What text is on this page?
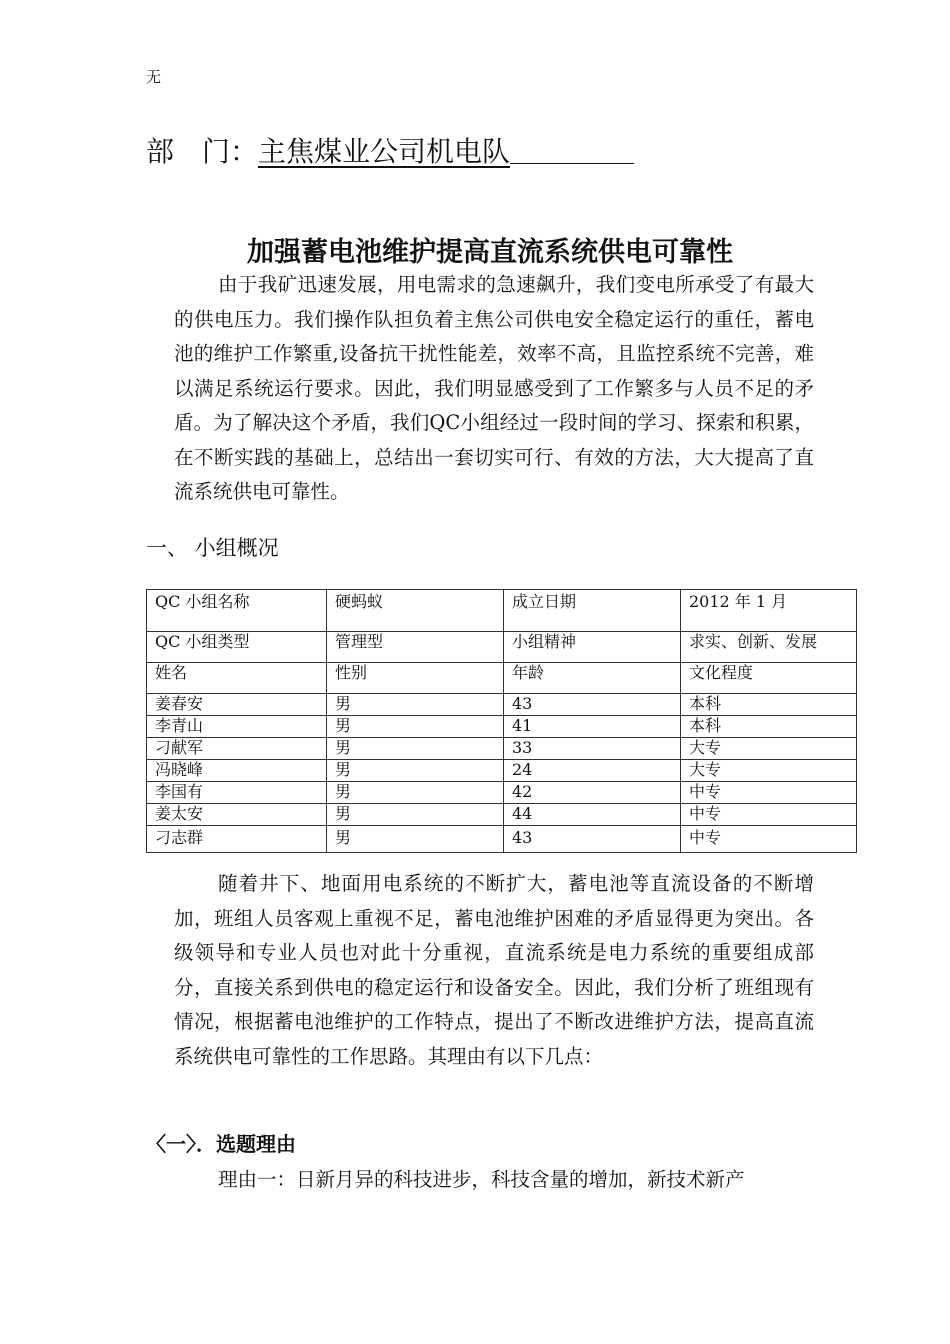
无
部 门：主焦煤业公司机电队
加强蓄电池维护提高直流系统供电可靠性
由于我矿迅速发展，用电需求的急速飙升，我们变电所承受了有最大的供电压力。我们操作队担负着主焦公司供电安全稳定运行的重任，蓄电池的维护工作繁重,设备抗干扰性能差，效率不高，且监控系统不完善，难以满足系统运行要求。因此，我们明显感受到了工作繁多与人员不足的矛盾。为了解决这个矛盾，我们QC小组经过一段时间的学习、探索和积累，在不断实践的基础上，总结出一套切实可行、有效的方法，大大提高了直流系统供电可靠性。
一、 小组概况
QC 小组名称	硬蚂蚁	成立日期	2012 年 1 月
QC 小组类型	管理型	小组精神	求实、创新、发展
姓名	性别	年龄	文化程度
姜春安	男	43	本科
李青山	男	41	本科
刁献军	男	33	大专
冯晓峰	男	24	大专
李国有	男	42	中专
姜太安	男	44	中专
刁志群	男	43	中专
随着井下、地面用电系统的不断扩大，蓄电池等直流设备的不断增加，班组人员客观上重视不足，蓄电池维护困难的矛盾显得更为突出。各级领导和专业人员也对此十分重视，直流系统是电力系统的重要组成部分，直接关系到供电的稳定运行和设备安全。因此，我们分析了班组现有情况，根据蓄电池维护的工作特点，提出了不断改进维护方法，提高直流系统供电可靠性的工作思路。其理由有以下几点：
〈一〉．选题理由
理由一：日新月异的科技进步，科技含量的增加，新技术新产
